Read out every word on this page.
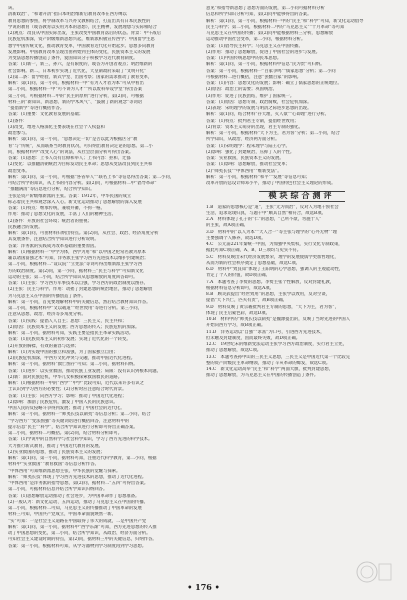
该。
清新政治”、“和谐开清”指日本明治维新后教育改革在西方缚以
教育思想的参照，将学制改革与兴办文教相结合，打造出具有日本民族性的
学说的教育（或答教育以实用为本的思想），民主精神，发展理想与实际相结合
(2)观点：改良从中国实际出发，主张改变中国教育落后的状态。背景：甲午战后
民族危机加深，资产阶级维新思想兴起，维新派积极宣传西学；中国留学生思
想学中国传统文化，推动教育变革，中国教育近代化开始起步。思想多向教育
发展影响。中国教育改革呈现出由初始到主体的变化，民族资本主义的发展
为变法思想传播创造了条件，爱国知识分子积极学习近代教育制度。
答案：(1)新一，新三，孙六，是有限度的，或答为开创者观点；明治维新的
社会影响。新二，日本初步实现了近代化，天皇制政府采取了“文明开化”
(2)第二条：留学经验、新式学堂、出国考察；国家的需求推动了教育变革，
解析：第(1)问，第一小问，根据材料一中“有为人才者为本”可从中看出
第二小问，根据材料一中“可不讲为人才”“所以废科举设学堂”得出答案
第三小问，可根据材料二中的“民主的原则”进行分析，第(2)问，可根据
材料三的“新知识、新思想、新的学术风气”、“鼓励了新的观念”等词语
“提倡新学”等进行概括作答。
答案：(1)重要：文化教育发展的基础；
(2)条件：
(3)改变，增进人格深化主要表现在社会个人权益和
政治参与。
解析：第(1)问，第一小问，“思想决定一切”是否以此为根据区分“教
育”与“传统”，从而联系当时教育状况，可归纳出教育决定论的思想。第二小
问，根据材料中“改变人心”的说法，从社会层面分析可得出答案。
答案：(1)思想：上书人员有官僚和举人；上书内容：拒和、迁都
(2)变化：以推翻清朝统治为目标发动民主革命；思想从变法改良到民主共和
政治变革。
解析：第(1)问，第一小问，可根据“各省举人”“联名上书”等信息得出答案；第二小问，
可结合所学的知识，从上书的内容分析。第(2)问，可根据材料二中“倡导革命”
“推翻满清”等信息进行分析，结合所学知识。
主张是资产阶级维新派的主张。答案：1912年，中华民国的成立
标志着民主共和观念深入人心。新文化运动推动了思想解放的深入发展
答案：(1)特点：继承传统，兼收并蓄，不拘一格。
作用：推动了思想文化的发展，丰富了人们的精神生活。
(2)条件：开放的社会环境；统治者的重视；
民族融合的发展。
解析：第(1)问，可由材料归纳出特点。第(2)问，从社会、政治、经济角度分析
其发展条件，注意结合所学知识进行分析说明。
答案：洋务派的实践成为改革基础的重要原因。
解析：(1)根据材料一“中学为体，西学为用”和“以中国之伦常名教为原本
辅以诸国富强之术”可知，洋务派主张学习西方先进技术以维护封建统治；
第二小问，根据材料二“设议院”“立宪法”等词可得出维新派主张学习西
方的政治制度。第(2)问，第一小问，据材料三“民主与科学”可知新文化
运动的主张；第二小问，结合所学知识从思想解放的角度回答即可。
答案：(1)主张：学习西方军事技术以自强，学习西方的政治制度以图存。
(2)主张：民主与科学。作用：动摇了封建思想的统治地位，推动了思想解放
为马克思主义在中国的传播创造了条件。
解析：第一小问，首先要理解材料中的关键信息，然后结合教材知识作答。
第二小问，根据材料中“文以载道”“经世致用”等进行分析。第三小问，
注意从思想、政治、经济等多角度分析。
答案：(1)实践：提倡人人自主；思想：三民主义，民主共和；
(2)原因：民族资本主义的发展；西方思想的传入；民族危机的加深。
解析：第二小问，据材料可知，实践主要是指民主革命实践活动。
答案：(1)民族资本主义的初步发展；实现了近代化的一个转变。
(2)开放的胸襟，有效的兼容与选择；
解析：(1)为实现中国的独立和富强，为了国家独立自由；
(2)民族危机加深，中西方文化冲突与交融，推动中国近代化进程。
解析：第一小问，据材料“救亡图存”可知；第二小问，据材料归纳。
答案：(1)进步：以实业救国，推动民族工业发展；局限：没有认识到根本问题。
(2)新：面对民族危机，中华儿女积极探索救国救民的道路。
解析：(1)根据材料一中的“西学”“中学”比较可知，近代以来许多有识之
士认识到学习西方的必要性；(2)分析时应注意结合时代背景。
答案：(1)主张：向西方学习；影响：推动了中国近代化进程；
(2)影响：加剧了民族危机，激发了中国人民的民族意识。
中国人民的反侵略斗争得到发展；推动了中国社会的近代化。
解析：第一小问，据材料一“师夷长技以制夷”等信息分析；第二小问，结合
“学习西方”“变法图强”等关键词语进行概括回答，注意材料中的
提示信息“民主”“科学”，结合所学知识进行分析即可得出正确答案。
第二小问，据材料二可概括。第(2)问，结合材料分析即可。
答案：(1)学说中的自然科学与社会科学知识，学习了西方先进的科学技术。
大力推行新式教育，推动了中国近代教育的发展。
(2)实业救国的思想，推动了民族资本主义的发展；
解析：第(1)问，第一小问，据材料可知，注重近代科学教育，第二小问，根据
材料中“实业救国”“教育救国”等信息分析作答。
“中体西用”可知维新派思想主张，中华民族的觉醒与探索。
解析：“师夷长技”体现了学习西方先进技术的思想，推动了近代化进程。
“中体西用”是洋务派的指导思想，第(2)问，据材料二“五四”可得出答案。
第二小问，可据材料信息并结合所学知识归纳回答。
答案：(1)思想解放运动推动了社会进步，为中国革命作了思想准备。
(2)一般认为：新文化运动、五四运动，推动了马克思主义在中国的传播。
第二小问，根据材料二可知，马克思主义的传播推动了中国革命的发展
材料三可知，中国共产党成立，中国革命面貌焕然一新。
“实”可知：一是社会主义道路在中国取得了伟大的成就，二是中国共产党
解析：第(1)问，第一小问，据材料中“西学东渐”可知，西方先进思想的传入推
动了中国思想的变化，第二小问，结合所学知识，从政治、经济方面分析。
可知社会主义建设时期的特点，第(2)问，据材料三中的关键信息，归纳作答。
答案：第一小问，根据材料可知，从学习器物到学习制度再到学习思想。
意见”和指导新思想了思想方面的发展，第二小问可据材料分析
信息和所学知识分析可知，第(2)问中能够得出的答案。
解析：第(1)问，第一小问，根据材料一中的“民主”和“科学”可知，新文化运动倡导
民主与科学；第二小问，根据材料二中的“马克思主义”“十月革命”等可知
马克思主义在中国的传播；第(2)问中能根据材料三分析，思想解放
运动推动中国社会变革，第二小问，根据材料分析。
答案：(1)倡导民主科学；马克思主义在中国传播。
(2)作用：推动了思想解放，促进了中国社会的进步与发展。
答案：(1)中国传统思想中的民本思想。
解析：第(1)问，第一小问，根据材料中信息“民为贵”可归纳。
答案：第一小问，根据材料一“百家争鸣”“儒家思想”分析；第二小问
可根据材料二进行概括，注意“罢黜百家”的影响。
答案：(1)内容：思想文化的发展；影响：确立了儒家思想的正统地位。
(2)原因：政治上的需要；巩固统治。
(3)作用：促进了民族团结，维护了国家统一。
答案：(1)原因：思想专制，政治腐败，社会危机加深。
(2)表现：宋明理学的发展与明清之际进步思想的出现。
解析：第(1)问，结合材料“存天理，灭人欲”“心即理”进行分析。
答案：(1)特点：批判君主专制，提倡经世致用；
(2)背景：资本主义萌芽的出现，君主专制的强化。
解析：第一小问，根据材料“天下为主，君为客”分析；第二小问，结合
所学知识，从政治、经济两方面分析。
答案：(1)宋明理学：程朱理学与陆王心学。
(2)影响：强化了封建统治，压抑了人的个性。
答案：实业救国，民族资本主义的发展。
答案：(1)影响：思想解放，推动社会变革；
(2)“师夷长技”“中体西用”“维新变法”。
解析：第一小问，根据材料“和平”“发展”等信息可知；
改革开放的总设计师邓小平，推动了中国特色社会主义理论的形成。
模块综合测评
1.B　道家的思想核心是“道”，主张“无为而治”，反对人为地干预社会
生活，追求返璞归真，与题干中“顺其自然”相符合，故选B项。
2.A　材料体现了孔子的“仁”的思想，“己所不欲，勿施于人”
的主张，故A项正确。
3.D　材料中的“以人为本”“天人合一”等主张与理学的“心外无物”“理
主要强调个人修养，故选D项。
4.C　公元前221年秦统一中国，为加强中央集权，实行文化专制政策，
据此可知C项正确，A、B、D三项均与史实不符。
5.C　材料反映出宋代经济发展繁荣，理学的发展使儒学更加哲理化，
从而为新的社会秩序奠定了思想基础，故选C项。
6.D　材料中“致良知”体现了王阳明的心学思想，强调人的主观能动性，
肯定了个人的价值，故D项正确。
7.A　本题考查了李贽的思想。李贽主张个性解放，反对封建礼教，
根据材料信息分析即可，故选A项。
8.B　顾炎武提出“经世致用”的思想，主张学以致用，反对空谈，
提倡“天下兴亡，匹夫有责”，故B项正确。
9.D　材料反映了黄宗羲批判君主专制的思想，“天下为主，君为客”，
体现了民主启蒙色彩，故选D项。
10.B　材料中的“师夷长技以制夷”是魏源提出的，反映了当时先进的中国人
开始向西方学习，故B项正确。
11.D　洋务运动以“自强”“求富”为口号，引进西方先进技术，
但未触及封建制度，因而最终失败，故D项正确。
12.C　19世纪末的维新变法运动主张学习西方政治制度，实行君主立宪，
推动了思想解放，故选C项。
13.C　本题考查孙中山的三民主义思想，三民主义是中国近代第一个比较完
整的资产阶级民主革命纲领，推动了辛亥革命的爆发，故选C项。
14.C　新文化运动高举“民主”和“科学”两面大旗，批判封建思想，
推动了思想解放，为马克思主义在中国的传播创造了条件。
• 176 •
